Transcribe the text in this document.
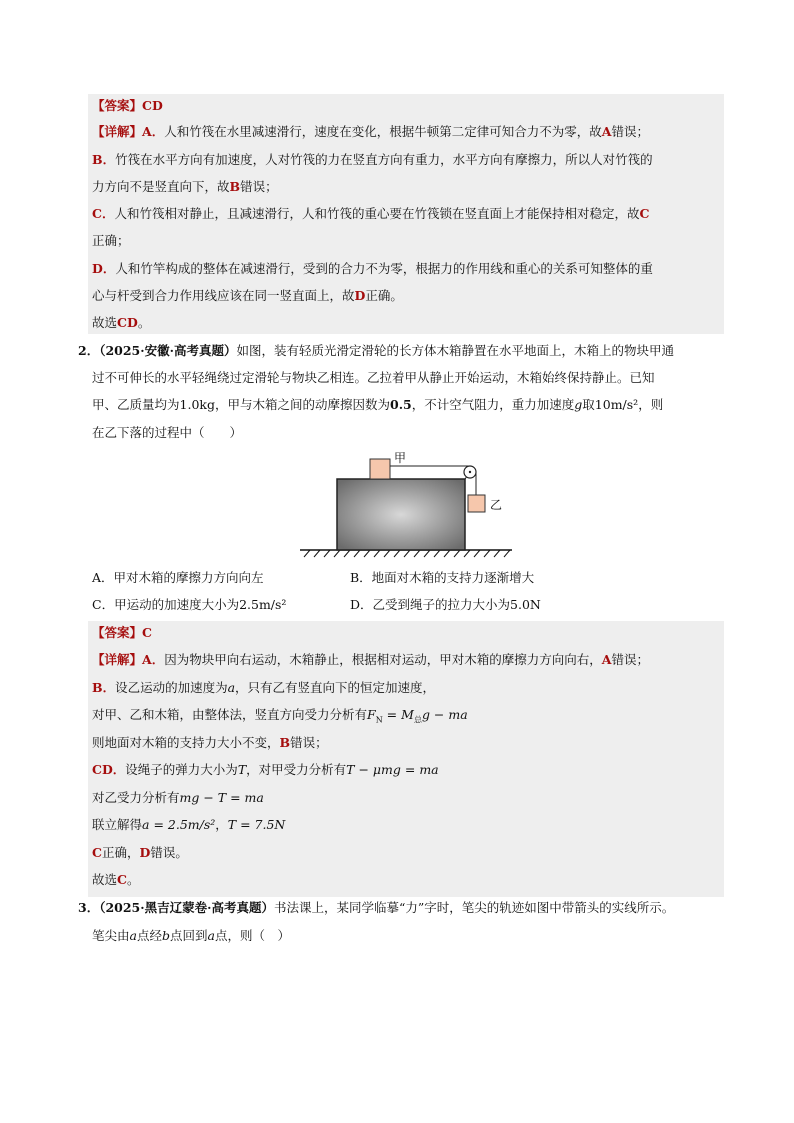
【答案】CD
【详解】A．人和竹筏在水里减速滑行，速度在变化，根据牛顿第二定律可知合力不为零，故A错误；
B．竹筏在水平方向有加速度，人对竹筏的力在竖直方向有重力，水平方向有摩擦力，所以人对竹筏的
力方向不是竖直向下，故B错误；
C．人和竹筏相对静止，且减速滑行，人和竹筏的重心要在竹筏锁在竖直面上才能保持相对稳定，故C
正确；
D．人和竹竿构成的整体在减速滑行，受到的合力不为零，根据力的作用线和重心的关系可知整体的重
心与杆受到合力作用线应该在同一竖直面上，故D正确。
故选CD。
2．（2025·安徽·高考真题）如图，装有轻质光滑定滑轮的长方体木箱静置在水平地面上，木箱上的物块甲通
过不可伸长的水平轻绳绕过定滑轮与物块乙相连。乙拉着甲从静止开始运动，木箱始终保持静止。已知
甲、乙质量均为1.0kg，甲与木箱之间的动摩擦因数为0.5，不计空气阻力，重力加速度g取10m/s²，则
在乙下落的过程中（　　）
甲
乙
A．甲对木箱的摩擦力方向向左	B．地面对木箱的支持力逐渐增大
C．甲运动的加速度大小为2.5m/s²	D．乙受到绳子的拉力大小为5.0N
【答案】C
【详解】A．因为物块甲向右运动，木箱静止，根据相对运动，甲对木箱的摩擦力方向向右，A错误；
B．设乙运动的加速度为a，只有乙有竖直向下的恒定加速度，
对甲、乙和木箱，由整体法，竖直方向受力分析有$F_N = M_总g$ − ma
则地面对木箱的支持力大小不变，B错误；
CD．设绳子的弹力大小为T，对甲受力分析有T − μmg = ma
对乙受力分析有mg − T = ma
联立解得a = 2.5m/s²，T = 7.5N
C正确，D错误。
故选C。
3．（2025·黑吉辽蒙卷·高考真题）书法课上，某同学临摹“力”字时，笔尖的轨迹如图中带箭头的实线所示。
笔尖由a点经b点回到a点，则（　）
